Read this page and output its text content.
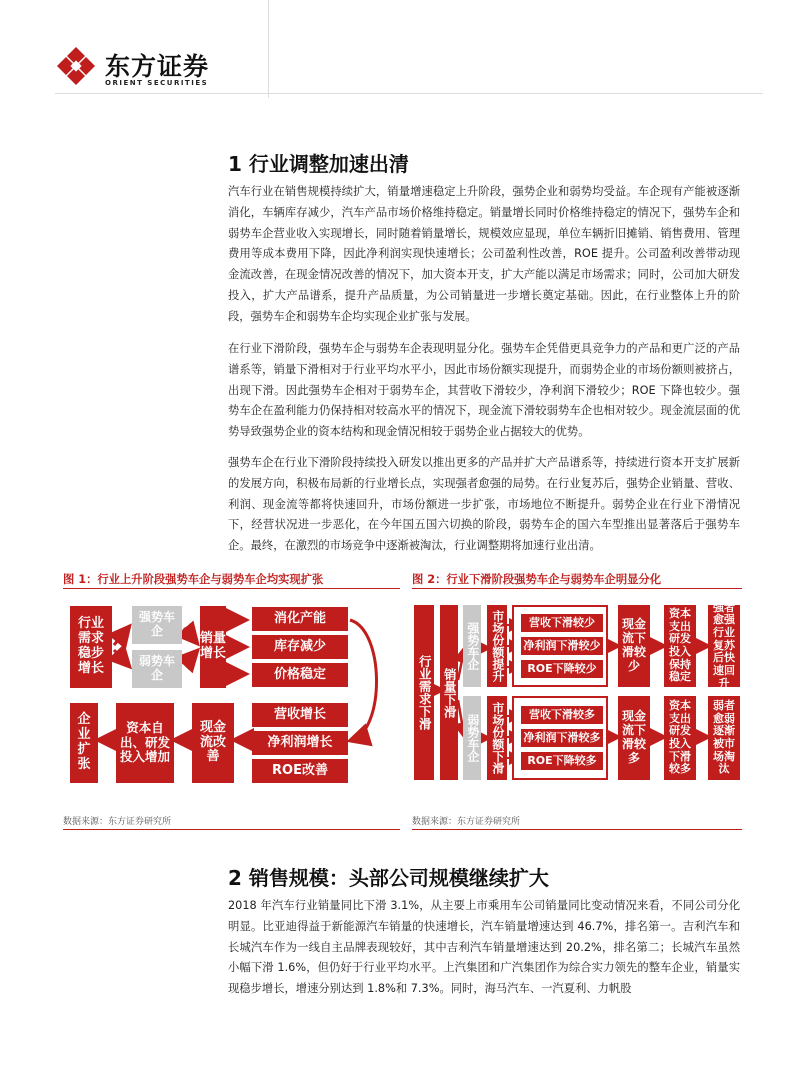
东方证券
ORIENT SECURITIES
1 行业调整加速出清
汽车行业在销售规模持续扩大，销量增速稳定上升阶段，强势企业和弱势均受益。车企现有产能被逐渐消化，车辆库存减少，汽车产品市场价格维持稳定。销量增长同时价格维持稳定的情况下，强势车企和弱势车企营业收入实现增长，同时随着销量增长，规模效应显现，单位车辆折旧摊销、销售费用、管理费用等成本费用下降，因此净利润实现快速增长；公司盈利性改善，ROE 提升。公司盈利改善带动现金流改善，在现金情况改善的情况下，加大资本开支，扩大产能以满足市场需求；同时，公司加大研发投入，扩大产品谱系，提升产品质量，为公司销量进一步增长奠定基础。因此，在行业整体上升的阶段，强势车企和弱势车企均实现企业扩张与发展。
在行业下滑阶段，强势车企与弱势车企表现明显分化。强势车企凭借更具竞争力的产品和更广泛的产品谱系等，销量下滑相对于行业平均水平小，因此市场份额实现提升，而弱势企业的市场份额则被挤占，出现下滑。因此强势车企相对于弱势车企，其营收下滑较少，净利润下滑较少；ROE 下降也较少。强势车企在盈利能力仍保持相对较高水平的情况下，现金流下滑较弱势车企也相对较少。现金流层面的优势导致强势企业的资本结构和现金情况相较于弱势企业占据较大的优势。
强势车企在行业下滑阶段持续投入研发以推出更多的产品并扩大产品谱系等，持续进行资本开支扩展新的发展方向，积极布局新的行业增长点，实现强者愈强的局势。在行业复苏后，强势企业销量、营收、利润、现金流等都将快速回升，市场份额进一步扩张，市场地位不断提升。弱势企业在行业下滑情况下，经营状况进一步恶化，在今年国五国六切换的阶段，弱势车企的国六车型推出显著落后于强势车企。最终，在激烈的市场竞争中逐渐被淘汰，行业调整期将加速行业出清。
图 1：行业上升阶段强势车企与弱势车企均实现扩张
行业需求稳步增长
强势车企
弱势车企
销量增长
消化产能
库存减少
价格稳定
营收增长
净利润增长
ROE改善
现金流改善
资本自出、研发投入增加
企业扩张
数据来源：东方证券研究所
图 2：行业下滑阶段强势车企与弱势车企明显分化
行业需求下滑 销量下滑
强势车企
弱势车企
市场份额提升
市场份额下滑
营收下滑较少
净利润下滑较少
ROE下降较少
营收下滑较多
净利润下滑较多
ROE下降较多
现金流下滑较少
现金流下滑较多
资本支出研发投入保持稳定
资本支出研发投入下滑较多
强者愈强行业复苏后快速回升
弱者愈弱逐渐被市场淘汰
数据来源：东方证券研究所
2 销售规模：头部公司规模继续扩大
2018 年汽车行业销量同比下滑 3.1%，从主要上市乘用车公司销量同比变动情况来看，不同公司分化明显。比亚迪得益于新能源汽车销量的快速增长，汽车销量增速达到 46.7%，排名第一。吉利汽车和长城汽车作为一线自主品牌表现较好，其中吉利汽车销量增速达到 20.2%，排名第二；长城汽车虽然小幅下滑 1.6%，但仍好于行业平均水平。上汽集团和广汽集团作为综合实力领先的整车企业，销量实现稳步增长，增速分别达到 1.8%和 7.3%。同时，海马汽车、一汽夏利、力帆股
